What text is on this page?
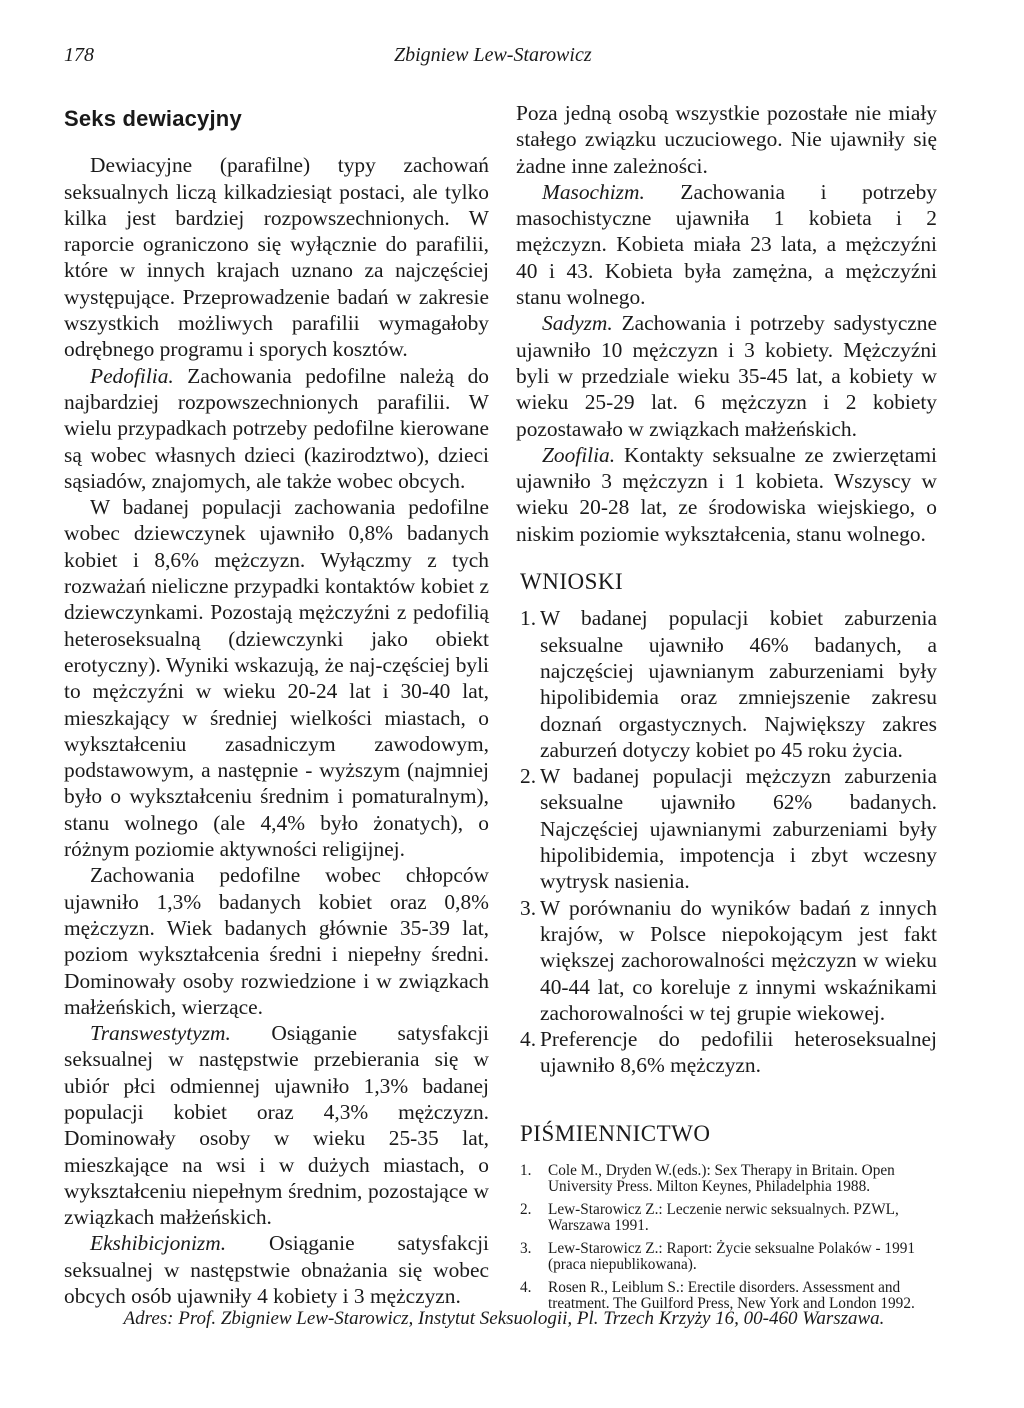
178	Zbigniew Lew-Starowicz
Seks dewiacyjny

Dewiacyjne (parafilne) typy zachowań seksualnych liczą kilkadziesiąt postaci, ale tylko kilka jest bardziej rozpowszechnionych. W raporcie ograniczono się wyłącznie do parafilii, które w innych krajach uznano za najczęściej występujące. Przeprowadzenie badań w zakresie wszystkich możliwych parafilii wymagałoby odrębnego programu i sporych kosztów.

Pedofilia. Zachowania pedofilne należą do najbardziej rozpowszechnionych parafilii. W wielu przypadkach potrzeby pedofilne kierowane są wobec własnych dzieci (kazirodztwo), dzieci sąsiadów, znajomych, ale także wobec obcych.

W badanej populacji zachowania pedofilne wobec dziewczynek ujawniło 0,8% badanych kobiet i 8,6% mężczyzn. Wyłączmy z tych rozważań nieliczne przypadki kontaktów kobiet z dziewczynkami. Pozostają mężczyźni z pedofilią heteroseksualną (dziewczynki jako obiekt erotyczny). Wyniki wskazują, że naj-częściej byli to mężczyźni w wieku 20-24 lat i 30-40 lat, mieszkający w średniej wielkości miastach, o wykształceniu zasadniczym zawodowym, podstawowym, a następnie - wyższym (najmniej było o wykształceniu średnim i pomaturalnym), stanu wolnego (ale 4,4% było żonatych), o różnym poziomie aktywności religijnej.

Zachowania pedofilne wobec chłopców ujawniło 1,3% badanych kobiet oraz 0,8% mężczyzn. Wiek badanych głównie 35-39 lat, poziom wykształcenia średni i niepełny średni. Dominowały osoby rozwiedzione i w związkach małżeńskich, wierzące.

Transwestytyzm. Osiąganie satysfakcji seksualnej w następstwie przebierania się w ubiór płci odmiennej ujawniło 1,3% badanej populacji kobiet oraz 4,3% mężczyzn. Dominowały osoby w wieku 25-35 lat, mieszkające na wsi i w dużych miastach, o wykształceniu niepełnym średnim, pozostające w związkach małżeńskich.

Ekshibicjonizm. Osiąganie satysfakcji seksualnej w następstwie obnażania się wobec obcych osób ujawniły 4 kobiety i 3 mężczyzn.

Poza jedną osobą wszystkie pozostałe nie miały stałego związku uczuciowego. Nie ujawniły się żadne inne zależności.

Masochizm. Zachowania i potrzeby masochistyczne ujawniła 1 kobieta i 2 mężczyzn. Kobieta miała 23 lata, a mężczyźni 40 i 43. Kobieta była zamężna, a mężczyźni stanu wolnego.

Sadyzm. Zachowania i potrzeby sadystyczne ujawniło 10 mężczyzn i 3 kobiety. Mężczyźni byli w przedziale wieku 35-45 lat, a kobiety w wieku 25-29 lat. 6 mężczyzn i 2 kobiety pozostawało w związkach małżeńskich.

Zoofilia. Kontakty seksualne ze zwierzętami ujawniło 3 mężczyzn i 1 kobieta. Wszyscy w wieku 20-28 lat, ze środowiska wiejskiego, o niskim poziomie wykształcenia, stanu wolnego.

WNIOSKI
1. W badanej populacji kobiet zaburzenia seksualne ujawniło 46% badanych, a najczęściej ujawnianym zaburzeniami były hipolibidemia oraz zmniejszenie zakresu doznań orgastycznych. Największy zakres zaburzeń dotyczy kobiet po 45 roku życia.
2. W badanej populacji mężczyzn zaburzenia seksualne ujawniło 62% badanych. Najczęściej ujawnianymi zaburzeniami były hipolibidemia, impotencja i zbyt wczesny wytrysk nasienia.
3. W porównaniu do wyników badań z innych krajów, w Polsce niepokojącym jest fakt większej zachorowalności mężczyzn w wieku 40-44 lat, co koreluje z innymi wskaźnikami zachorowalności w tej grupie wiekowej.
4. Preferencje do pedofilii heteroseksualnej ujawniło 8,6% mężczyzn.
PIŚMIENNICTWO
1. Cole M., Dryden W.(eds.): Sex Therapy in Britain. Open University Press. Milton Keynes, Philadelphia 1988.
2. Lew-Starowicz Z.: Leczenie nerwic seksualnych. PZWL, Warszawa 1991.
3. Lew-Starowicz Z.: Raport: Życie seksualne Polaków - 1991 (praca niepublikowana).
4. Rosen R., Leiblum S.: Erectile disorders. Assessment and treatment. The Guilford Press, New York and London 1992.
Adres: Prof. Zbigniew Lew-Starowicz, Instytut Seksuologii, Pl. Trzech Krzyży 16, 00-460 Warszawa.
